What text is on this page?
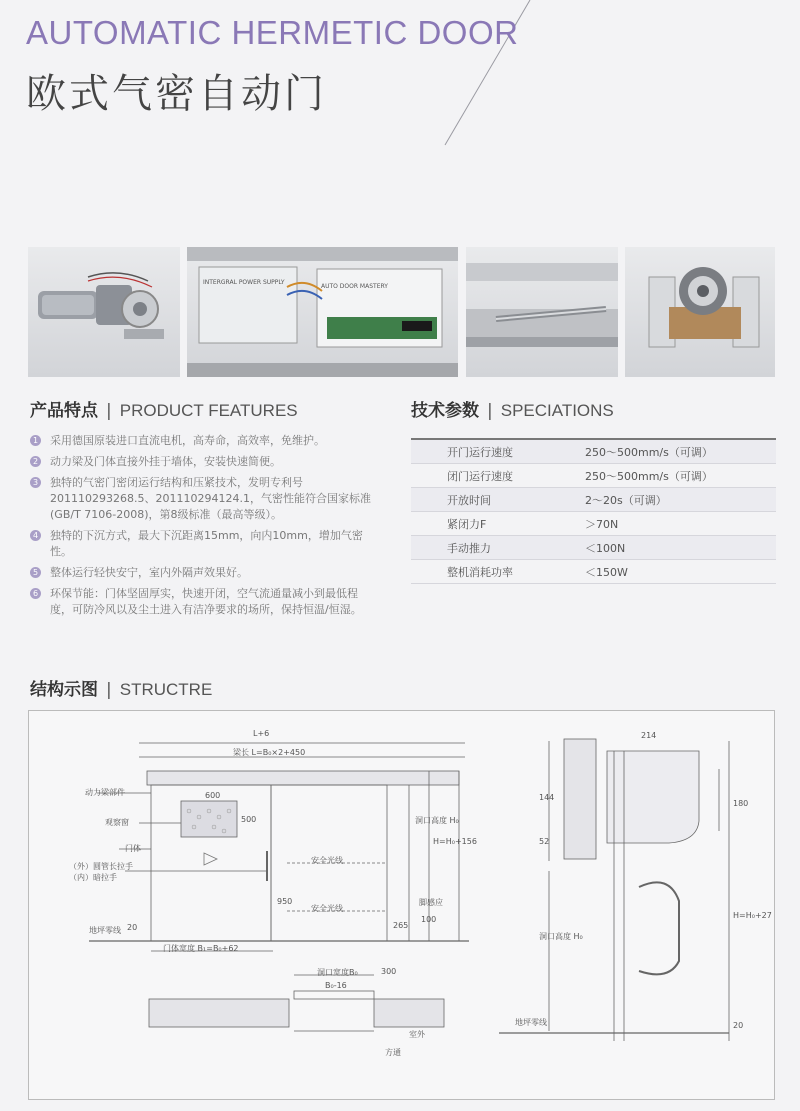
AUTOMATIC HERMETIC DOOR
欧式气密自动门
INTERGRAL POWER SUPPLY
AUTO DOOR MASTERY
产品特点 | PRODUCT FEATURES
1 采用德国原装进口直流电机，高寿命，高效率，免维护。
2 动力梁及门体直接外挂于墙体，安装快速简便。
3 独特的气密门密闭运行结构和压紧技术，发明专利号201110293268.5、201110294124.1，气密性能符合国家标准(GB/T 7106-2008)，第8级标准（最高等级）。
4 独特的下沉方式，最大下沉距离15mm，向内10mm，增加气密性。
5 整体运行轻快安宁，室内外隔声效果好。
6 环保节能：门体坚固厚实，快速开闭，空气流通量减小到最低程度，可防冷风以及尘土进入有洁净要求的场所，保持恒温/恒湿。
技术参数 | SPECIATIONS
开门运行速度	250～500mm/s（可调）
闭门运行速度	250～500mm/s（可调）
开放时间	2～20s（可调）
紧闭力F	＞70N
手动推力	＜100N
整机消耗功率	＜150W
结构示图 | STRUCTRE
L+6
梁长 L=B₀×2+450
动力梁部件	600
500
观察窗
门体
（外）圆管长拉手
（内）暗拉手
安全光线
安全光线
950
洞口高度 H₀
H=H₀+156
脚感应
265
100
地坪零线 20
门体宽度 B₁=B₀+62
洞口宽度B₀	300
B₀-16
室外
方通
214
144
52
180
洞口高度 H₀
H=H₀+27
地坪零线	20
